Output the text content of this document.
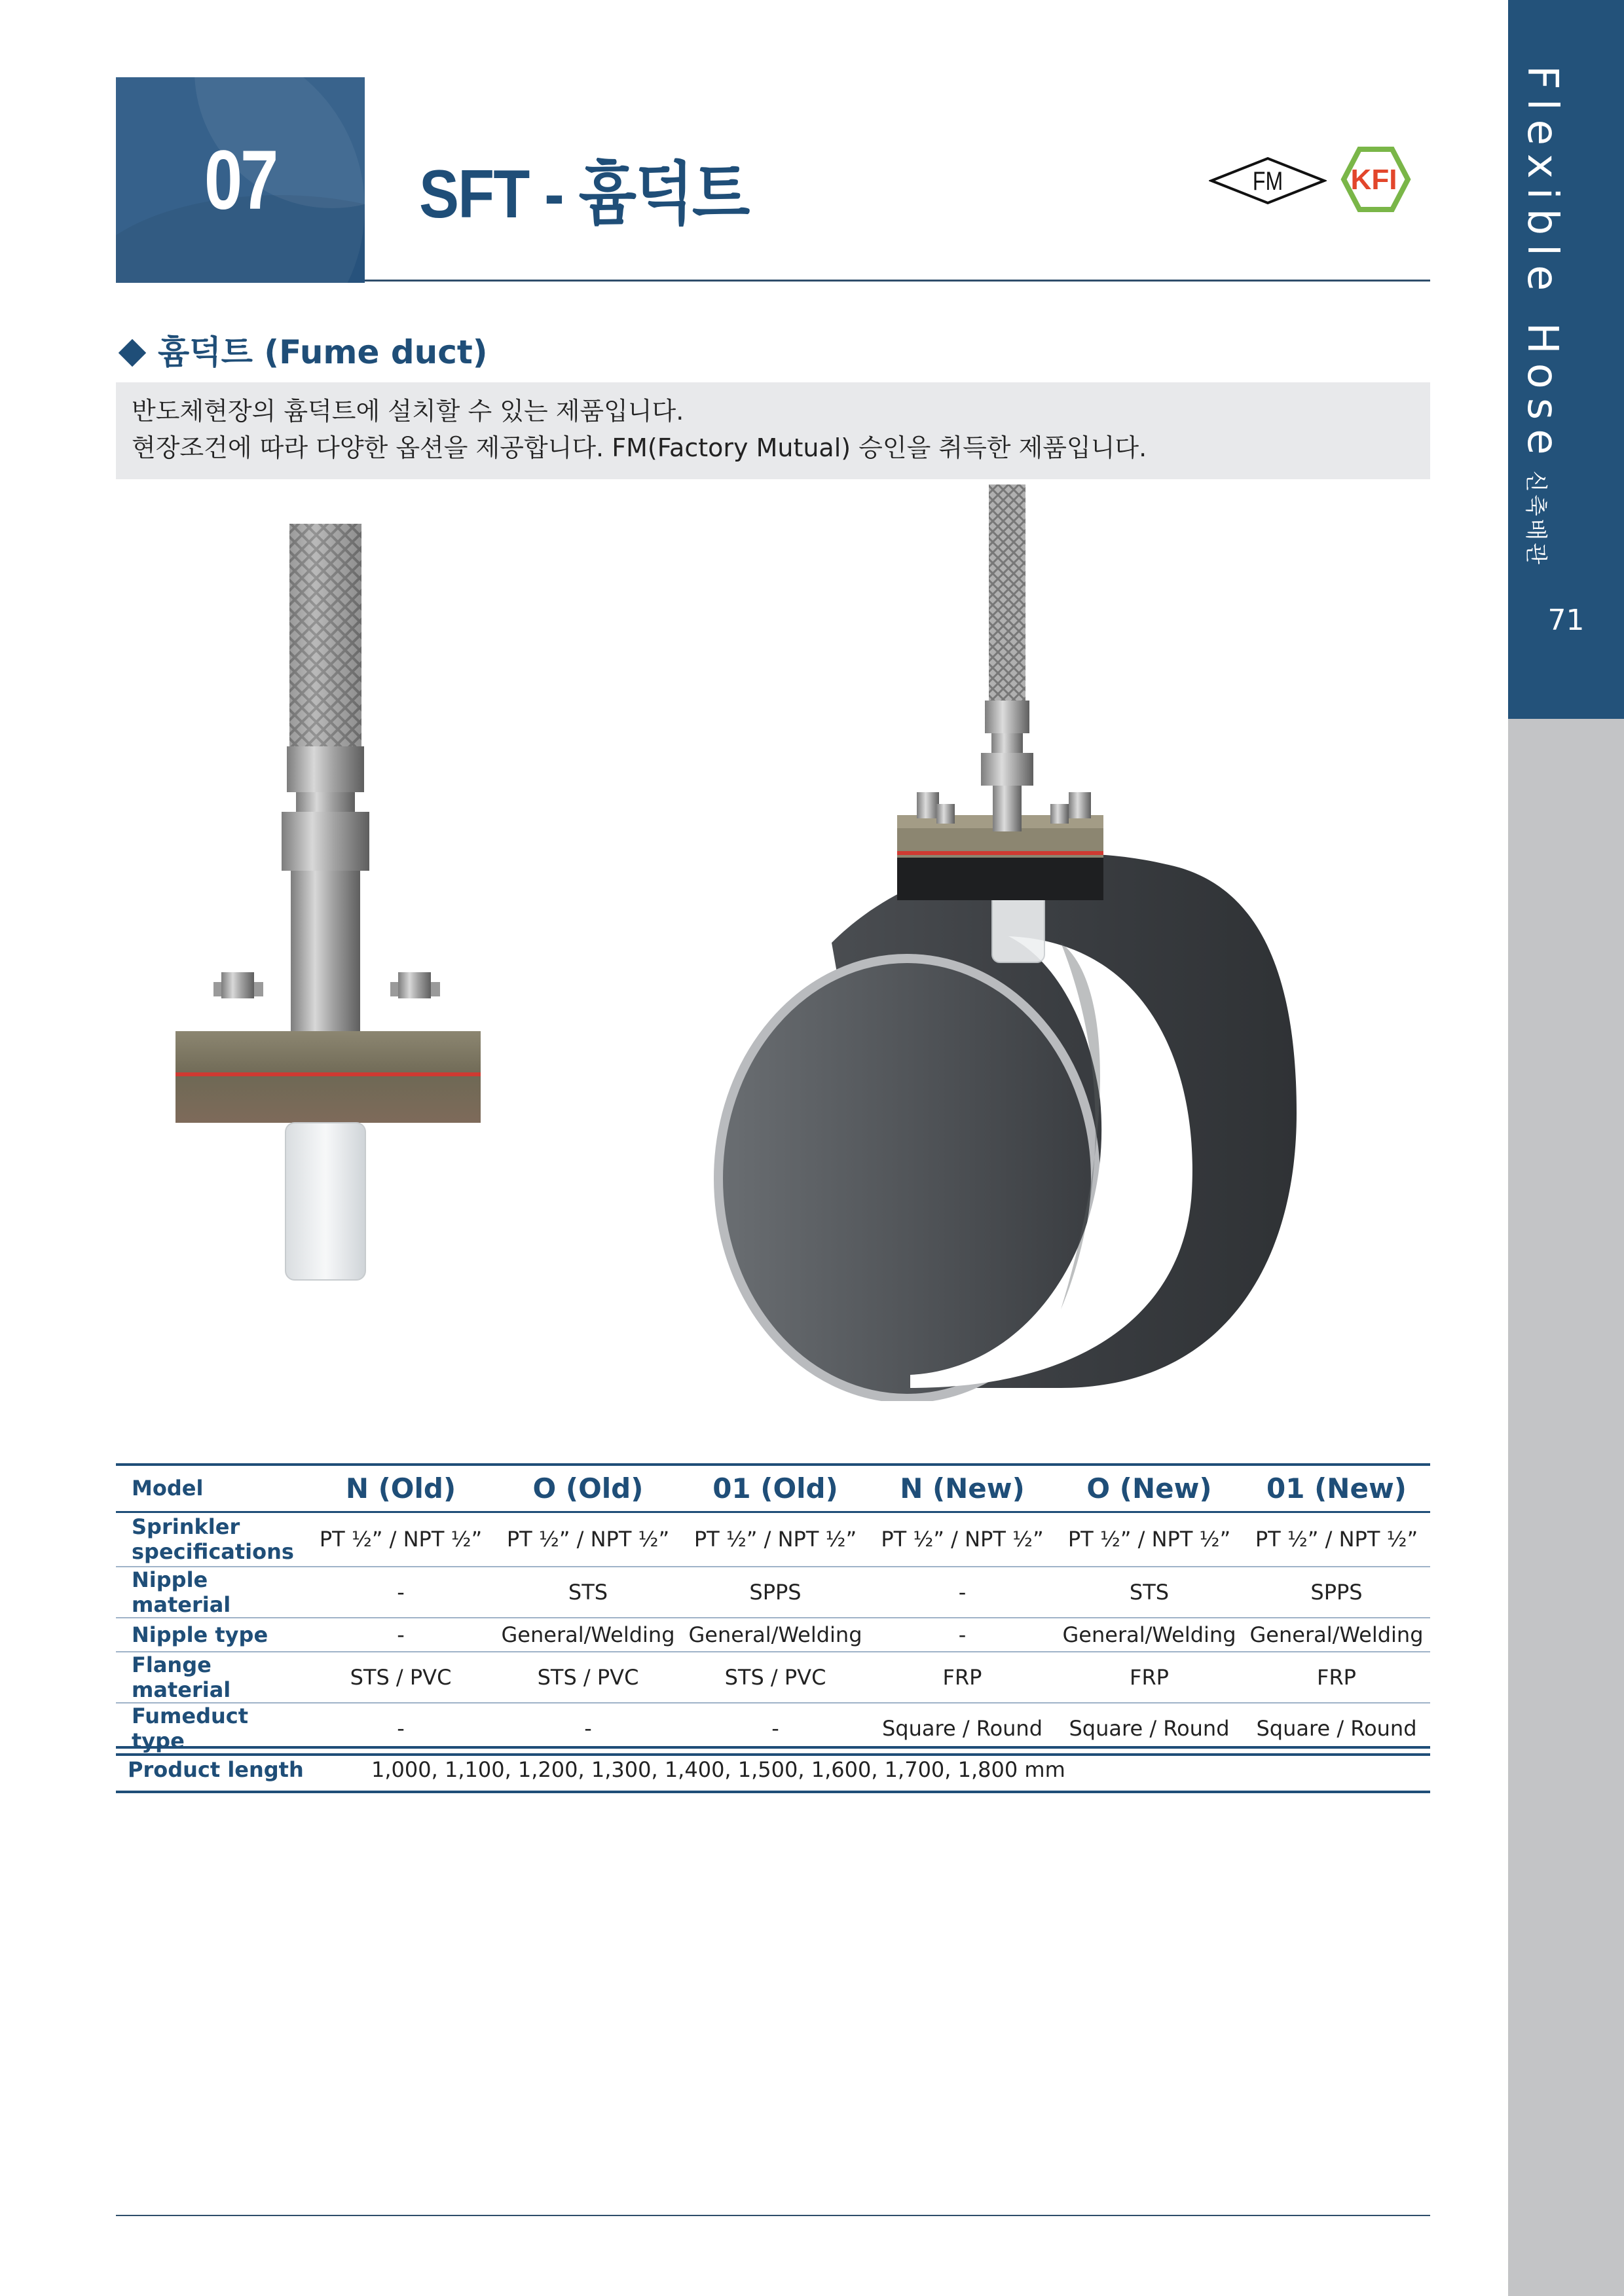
Flexible Hose신축배관
71
07	SFT - 흄덕트	FM KFI
흄덕트 (Fume duct)
반도체현장의 흄덕트에 설치할 수 있는 제품입니다.
현장조건에 따라 다양한 옵션을 제공합니다. FM(Factory Mutual) 승인을 취득한 제품입니다.
Model	N (Old)	O (Old)	01 (Old)	N (New)	O (New)	01 (New)
Sprinkler specifications	PT ½” / NPT ½”	PT ½” / NPT ½”	PT ½” / NPT ½”	PT ½” / NPT ½”	PT ½” / NPT ½”	PT ½” / NPT ½”
Nipple material	-	STS	SPPS	-	STS	SPPS
Nipple type	-	General/Welding	General/Welding	-	General/Welding	General/Welding
Flange material	STS / PVC	STS / PVC	STS / PVC	FRP	FRP	FRP
Fumeduct type	-	-	-	Square / Round	Square / Round	Square / Round
Product length	1,000, 1,100, 1,200, 1,300, 1,400, 1,500, 1,600, 1,700, 1,800 mm
